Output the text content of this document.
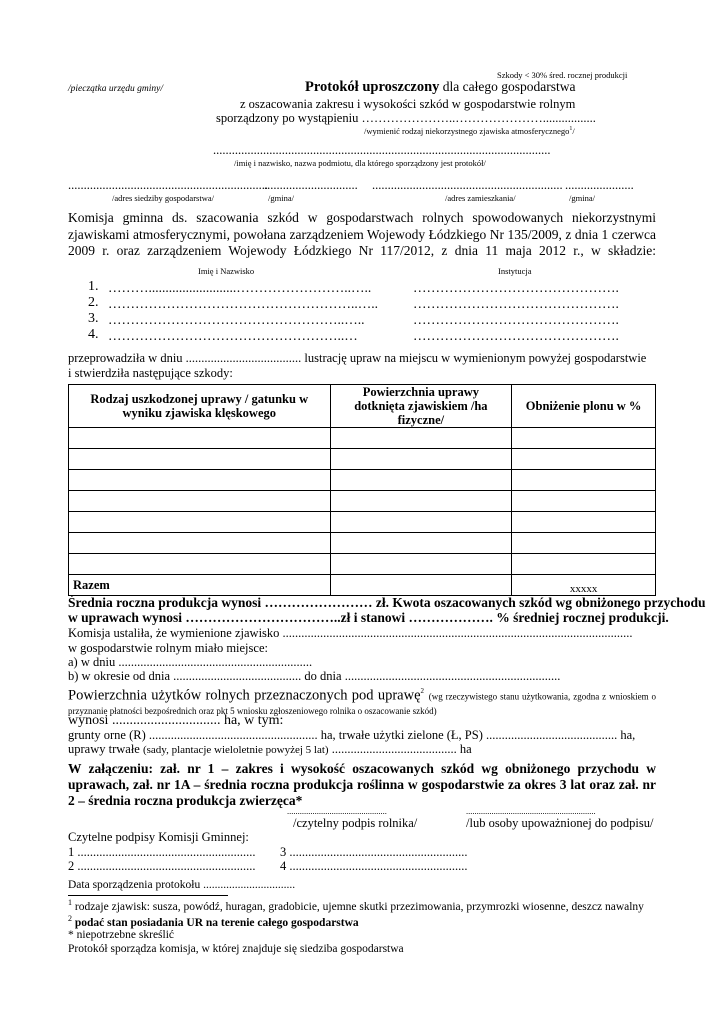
Szkody < 30% śred. rocznej produkcji
/pieczątka urzędu gminy/	Protokół uproszczony dla całego gospodarstwa
z oszacowania zakresu i wysokości szkód w gospodarstwie rolnym
sporządzony po wystąpieniu …………………..………………….................
/wymienić rodzaj niekorzystnego zjawiska atmosferycznego$^1$/
............................................................................................................
/imię i nazwisko, nazwa podmiotu, dla którego sporządzony jest protokół/
................................................................
.............................. ............................................................. ......................
/adres siedziby gospodarstwa/	/gmina/	/adres zamieszkania/	/gmina/
Komisja gminna ds. szacowania szkód w gospodarstwach rolnych spowodowanych niekorzystnymi zjawiskami atmosferycznymi, powołana zarządzeniem Wojewody Łódzkiego Nr 135/2009, z dnia 1 czerwca 2009 r. oraz zarządzeniem Wojewody Łódzkiego Nr 117/2012, z dnia 11 maja 2012 r., w składzie:
Imię i Nazwisko	Instytucja
1. ………..........................……………………..…..	……………………………………….
2. ………………………………………………..…..	……………………………………….
3. ……………………………………………..…..	……………………………………….
4. ……………………………………………..…	……………………………………….
przeprowadziła w dniu ..................................... lustrację upraw na miejscu w wymienionym powyżej gospodarstwie
i stwierdziła następujące szkody:
Rodzaj uszkodzonej uprawy / gatunku w wyniku zjawiska klęskowego	Powierzchnia uprawy dotknięta zjawiskiem /ha fizyczne/	Obniżenie plonu w %

Razem		xxxxx
Średnia roczna produkcja wynosi …………………… zł. Kwota oszacowanych szkód wg obniżonego przychodu
w uprawach wynosi ……………………………..zł i stanowi ………………. % średniej rocznej produkcji.
Komisja ustaliła, że wymienione zjawisko ................................................................................................................
w gospodarstwie rolnym miało miejsce:
a) w dniu ..............................................................
b) w okresie od dnia ......................................... do dnia .....................................................................
Powierzchnia użytków rolnych przeznaczonych pod uprawę$^2$ (wg rzeczywistego stanu użytkowania, zgodna z wnioskiem o przyznanie płatności bezpośrednich oraz pkt 5 wniosku zgłoszeniowego rolnika o oszacowanie szkód)
wynosi ............................... ha, w tym:
grunty orne (R) ...................................................... ha, trwałe użytki zielone (Ł, PS) .......................................... ha,
uprawy trwałe (sady, plantacje wieloletnie powyżej 5 lat) ........................................ ha
W załączeniu: zał. nr 1 – zakres i wysokość oszacowanych szkód wg obniżonego przychodu w uprawach, zał. nr 1A – średnia roczna produkcja roślinna w gospodarstwie za okres 3 lat oraz zał. nr 2 – średnia roczna produkcja zwierzęca*
...............................................	.............................................................
/czytelny podpis rolnika/	/lub osoby upoważnionej do podpisu/
Czytelne podpisy Komisji Gminnej:
1 ......................................................... 3 .........................................................
2 ......................................................... 4 .........................................................
Data sporządzenia protokołu ................................
$^1$ rodzaje zjawisk: susza, powódź, huragan, gradobicie, ujemne skutki przezimowania, przymrozki wiosenne, deszcz nawalny
$^2$ podać stan posiadania UR na terenie całego gospodarstwa
* niepotrzebne skreślić
Protokół sporządza komisja, w której znajduje się siedziba gospodarstwa
